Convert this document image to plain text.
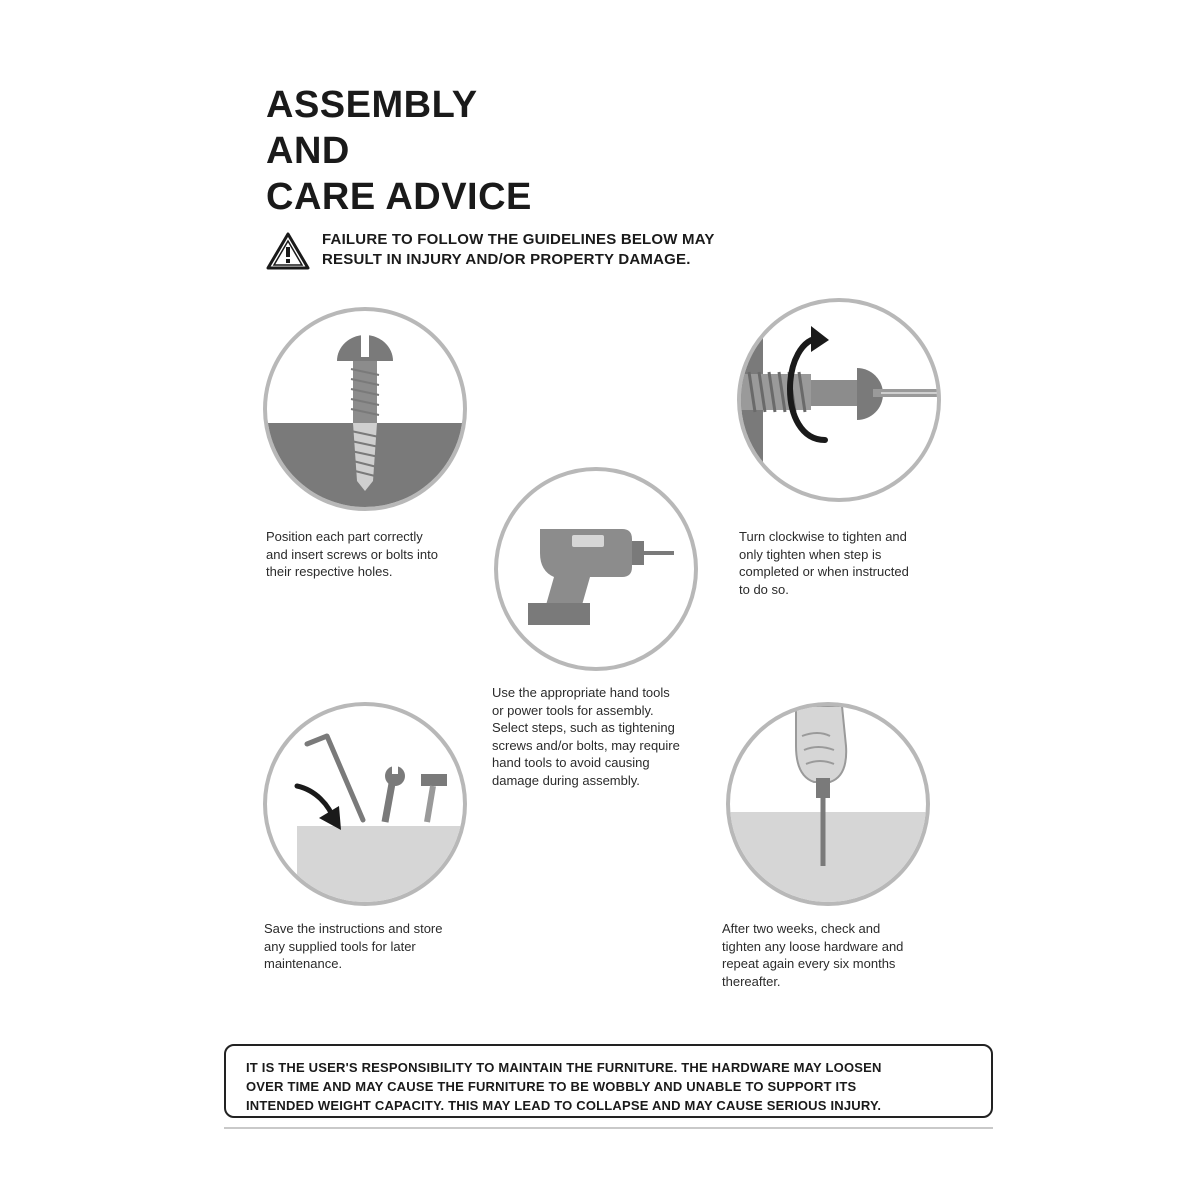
ASSEMBLY
AND
CARE ADVICE
FAILURE TO FOLLOW THE GUIDELINES BELOW MAY
RESULT IN INJURY AND/OR PROPERTY DAMAGE.
Position each part correctly
and insert screws or bolts into
their respective holes.
Turn clockwise to tighten and
only tighten when step is
completed or when instructed
to do so.
Use the appropriate hand tools
or power tools for assembly.
Select steps, such as tightening
screws and/or bolts, may require
hand tools to avoid causing
damage during assembly.
Save the instructions and store
any supplied tools for later
maintenance.
After two weeks, check and
tighten any loose hardware and
repeat again every six months
thereafter.
IT IS THE USER'S RESPONSIBILITY TO MAINTAIN THE FURNITURE. THE HARDWARE MAY LOOSEN
OVER TIME AND MAY CAUSE THE FURNITURE TO BE WOBBLY AND UNABLE TO SUPPORT ITS
INTENDED WEIGHT CAPACITY. THIS MAY LEAD TO COLLAPSE AND MAY CAUSE SERIOUS INJURY.
